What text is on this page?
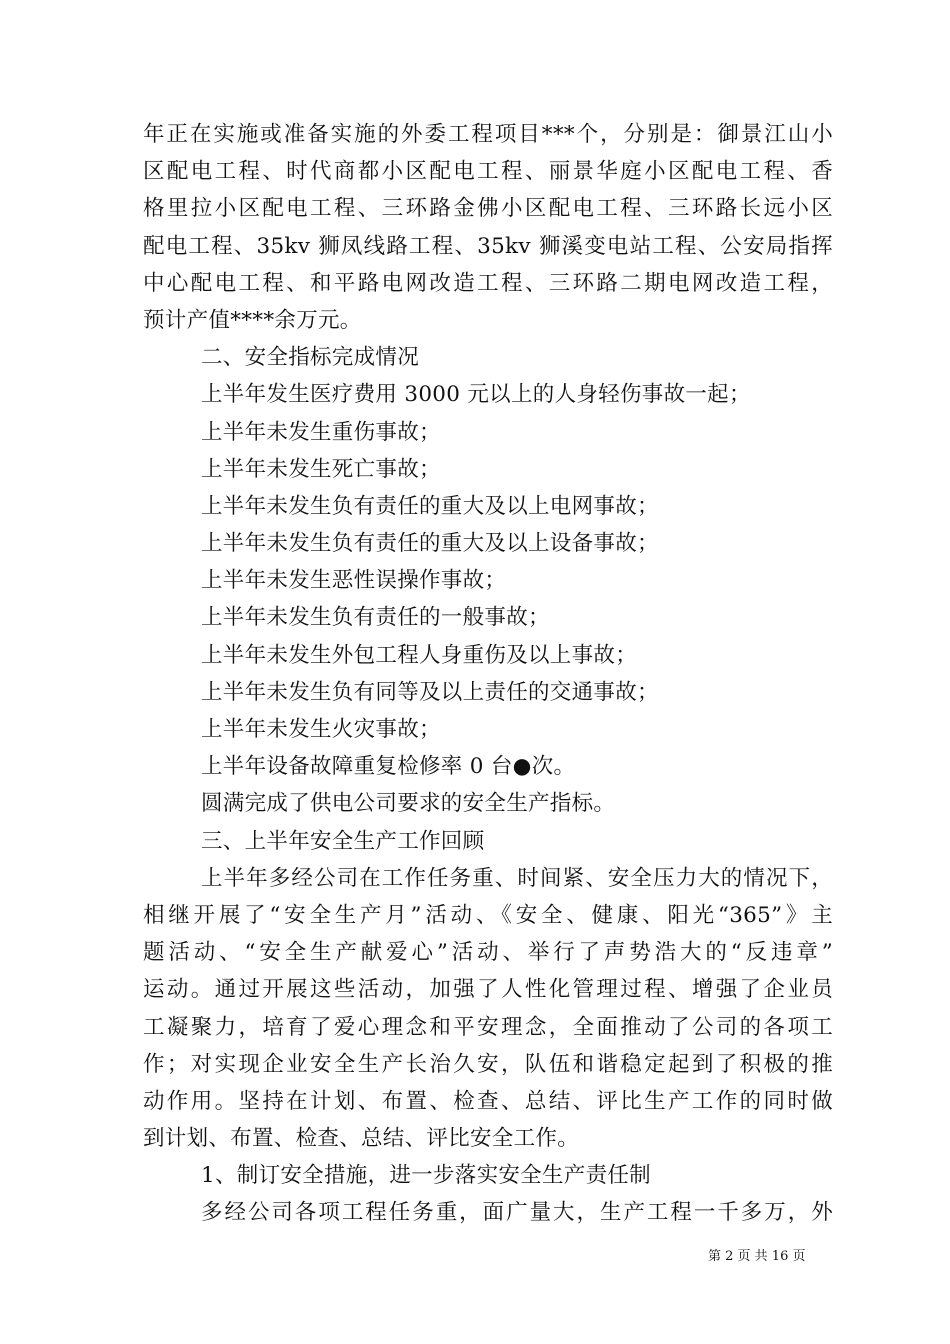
年正在实施或准备实施的外委工程项目***个，分别是：御景江山小
区配电工程、时代商都小区配电工程、丽景华庭小区配电工程、香
格里拉小区配电工程、三环路金佛小区配电工程、三环路长远小区
配电工程、35kv 狮凤线路工程、35kv 狮溪变电站工程、公安局指挥
中心配电工程、和平路电网改造工程、三环路二期电网改造工程，
预计产值****余万元。
二、安全指标完成情况
上半年发生医疗费用 3000 元以上的人身轻伤事故一起；
上半年未发生重伤事故；
上半年未发生死亡事故；
上半年未发生负有责任的重大及以上电网事故；
上半年未发生负有责任的重大及以上设备事故；
上半年未发生恶性误操作事故；
上半年未发生负有责任的一般事故；
上半年未发生外包工程人身重伤及以上事故；
上半年未发生负有同等及以上责任的交通事故；
上半年未发生火灾事故；
上半年设备故障重复检修率 0 台●次。
圆满完成了供电公司要求的安全生产指标。
三、上半年安全生产工作回顾
上半年多经公司在工作任务重、时间紧、安全压力大的情况下，
相继开展了“安全生产月”活动、《安全、健康、阳光“365”》主
题活动、“安全生产献爱心”活动、举行了声势浩大的“反违章”
运动。通过开展这些活动，加强了人性化管理过程、增强了企业员
工凝聚力，培育了爱心理念和平安理念，全面推动了公司的各项工
作；对实现企业安全生产长治久安，队伍和谐稳定起到了积极的推
动作用。坚持在计划、布置、检查、总结、评比生产工作的同时做
到计划、布置、检查、总结、评比安全工作。
1、制订安全措施，进一步落实安全生产责任制
多经公司各项工程任务重，面广量大，生产工程一千多万，外
第 2 页 共 16 页
